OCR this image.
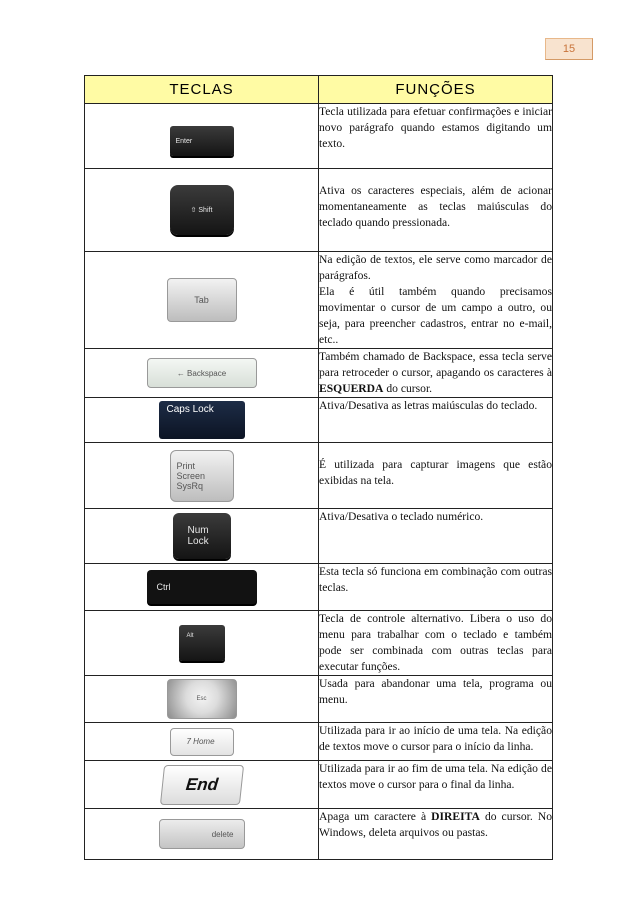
15
TECLAS	FUNÇÕES

Enter	Tecla utilizada para efetuar confirmações e iniciar novo parágrafo quando estamos digitando um texto.

⇧ Shift	Ativa os caracteres especiais, além de acionar momentaneamente as teclas maiúsculas do teclado quando pressionada.

Tab	Na edição de textos, ele serve como marcador de parágrafos.
Ela é útil também quando precisamos movimentar o cursor de um campo a outro, ou seja, para preencher cadastros, entrar no e-mail, etc..

← Backspace	Também chamado de Backspace, essa tecla serve para retroceder o cursor, apagando os caracteres à ESQUERDA do cursor.

Caps Lock	Ativa/Desativa as letras maiúsculas do teclado.

Print Screen SysRq	É utilizada para capturar imagens que estão exibidas na tela.

Num Lock	Ativa/Desativa o teclado numérico.

Ctrl	Esta tecla só funciona em combinação com outras teclas.

Alt	Tecla de controle alternativo. Libera o uso do menu para trabalhar com o teclado e também pode ser combinada com outras teclas para executar funções.

Esc	Usada para abandonar uma tela, programa ou menu.

7 Home	Utilizada para ir ao início de uma tela. Na edição de textos move o cursor para o início da linha.

End	Utilizada para ir ao fim de uma tela. Na edição de textos move o cursor para o final da linha.

delete	Apaga um caractere à DIREITA do cursor. No Windows, deleta arquivos ou pastas.
